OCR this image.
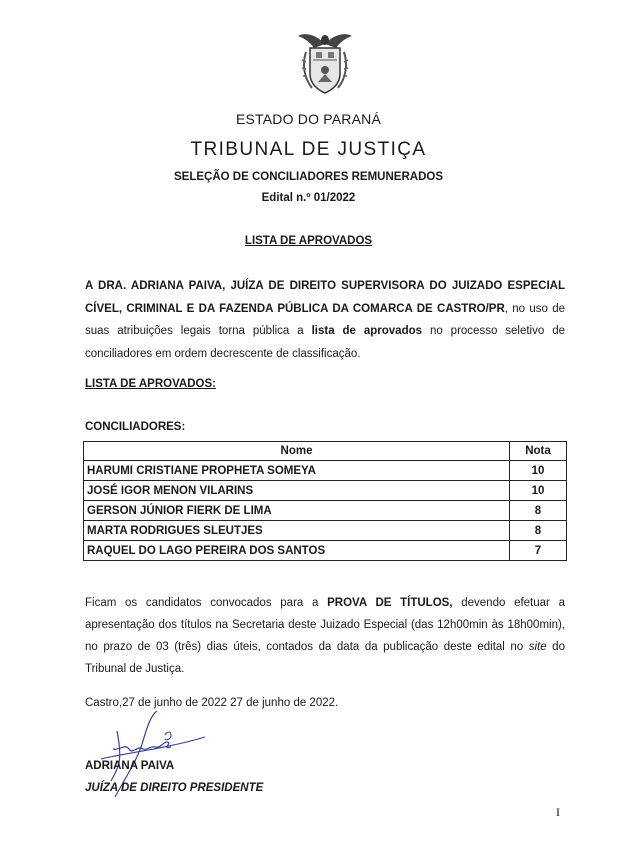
ESTADO DO PARANÁ
TRIBUNAL DE JUSTIÇA
SELEÇÃO DE CONCILIADORES REMUNERADOS
Edital n.º 01/2022
LISTA DE APROVADOS

A DRA. ADRIANA PAIVA, JUÍZA DE DIREITO SUPERVISORA DO JUIZADO ESPECIAL CÍVEL, CRIMINAL E DA FAZENDA PÚBLICA DA COMARCA DE CASTRO/PR, no uso de suas atribuições legais torna pública a lista de aprovados no processo seletivo de conciliadores em ordem decrescente de classificação.

LISTA DE APROVADOS:
CONCILIADORES:
Nome	Nota
HARUMI CRISTIANE PROPHETA SOMEYA	10
JOSÉ IGOR MENON VILARINS	10
GERSON JÚNIOR FIERK DE LIMA	8
MARTA RODRIGUES SLEUTJES	8
RAQUEL DO LAGO PEREIRA DOS SANTOS	7

Ficam os candidatos convocados para a PROVA DE TÍTULOS, devendo efetuar a apresentação dos títulos na Secretaria deste Juizado Especial (das 12h00min às 18h00min), no prazo de 03 (três) dias úteis, contados da data da publicação deste edital no site do Tribunal de Justiça.

Castro,27 de junho de 2022 27 de junho de 2022.
ADRIANA PAIVA
JUÍZA DE DIREITO PRESIDENTE
I
